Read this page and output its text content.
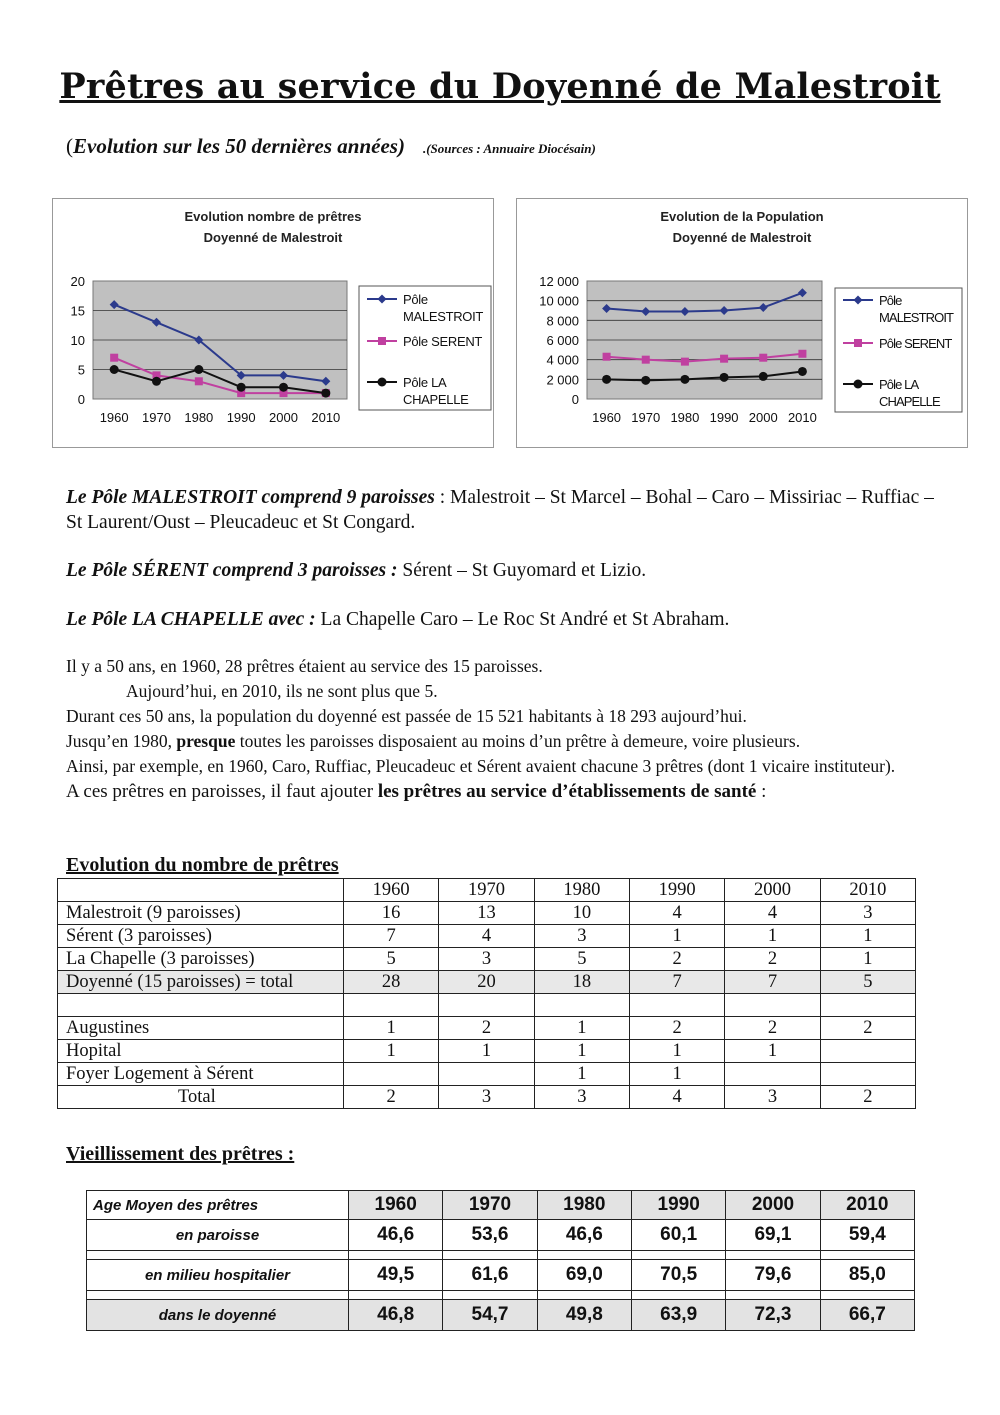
Prêtres au service du Doyenné de Malestroit
(Evolution sur les 50 dernières années) .(Sources : Annuaire Diocésain)
Evolution nombre de prêtres
Doyenné de Malestroit
0
5
10
15
20
1960 1970 1980 1990 2000 2010
Pôle
MALESTROIT
Pôle SERENT
Pôle LA
CHAPELLE
Evolution de la Population
Doyenné de Malestroit
0
2 000
4 000
6 000
8 000
10 000
12 000
1960 1970 1980 1990 2000 2010
Pôle
MALESTROIT
Pôle SERENT
Pôle LA
CHAPELLE
Le Pôle MALESTROIT comprend 9 paroisses : Malestroit – St Marcel – Bohal – Caro – Missiriac – Ruffiac – St Laurent/Oust – Pleucadeuc et St Congard.
Le Pôle SÉRENT comprend 3 paroisses : Sérent – St Guyomard et Lizio.
Le Pôle LA CHAPELLE avec : La Chapelle Caro – Le Roc St André et St Abraham.

Il y a 50 ans, en 1960, 28 prêtres étaient au service des 15 paroisses.

Aujourd’hui, en 2010, ils ne sont plus que 5.

Durant ces 50 ans, la population du doyenné est passée de 15 521 habitants à 18 293 aujourd’hui.

Jusqu’en 1980, presque toutes les paroisses disposaient au moins d’un prêtre à demeure, voire plusieurs.

Ainsi, par exemple, en 1960, Caro, Ruffiac, Pleucadeuc et Sérent avaient chacune 3 prêtres (dont 1 vicaire instituteur).

A ces prêtres en paroisses, il faut ajouter les prêtres au service d’établissements de santé :

Evolution du nombre de prêtres
	1960	1970	1980	1990	2000	2010
Malestroit (9 paroisses)	16	13	10	4	4	3
Sérent (3 paroisses)	7	4	3	1	1	1
La Chapelle (3 paroisses)	5	3	5	2	2	1
Doyenné (15 paroisses) = total	28	20	18	7	7	5

Augustines	1	2	1	2	2	2
Hopital	1	1	1	1	1	
Foyer Logement à Sérent			1	1		
Total	2	3	3	4	3	2
Vieillissement des prêtres :
Age Moyen des prêtres	1960	1970	1980	1990	2000	2010
en paroisse	46,6	53,6	46,6	60,1	69,1	59,4

en milieu hospitalier	49,5	61,6	69,0	70,5	79,6	85,0

dans le doyenné	46,8	54,7	49,8	63,9	72,3	66,7
